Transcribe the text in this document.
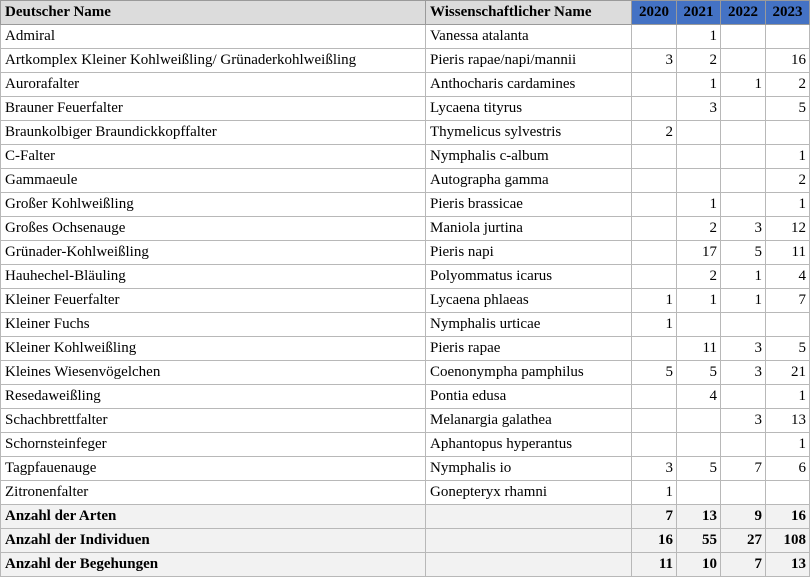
Deutscher Name	Wissenschaftlicher Name	2020	2021	2022	2023
Admiral	Vanessa atalanta		1		
Artkomplex Kleiner Kohlweißling/ Grünaderkohlweißling	Pieris rapae/napi/mannii	3	2		16
Aurorafalter	Anthocharis cardamines		1	1	2
Brauner Feuerfalter	Lycaena tityrus		3		5
Braunkolbiger Braundickkopffalter	Thymelicus sylvestris	2			
C-Falter	Nymphalis c-album				1
Gammaeule	Autographa gamma				2
Großer Kohlweißling	Pieris brassicae		1		1
Großes Ochsenauge	Maniola jurtina		2	3	12
Grünader-Kohlweißling	Pieris napi		17	5	11
Hauhechel-Bläuling	Polyommatus icarus		2	1	4
Kleiner Feuerfalter	Lycaena phlaeas	1	1	1	7
Kleiner Fuchs	Nymphalis urticae	1			
Kleiner Kohlweißling	Pieris rapae		11	3	5
Kleines Wiesenvögelchen	Coenonympha pamphilus	5	5	3	21
Resedaweißling	Pontia edusa		4		1
Schachbrettfalter	Melanargia galathea			3	13
Schornsteinfeger	Aphantopus hyperantus				1
Tagpfauenauge	Nymphalis io	3	5	7	6
Zitronenfalter	Gonepteryx rhamni	1			
Anzahl der Arten		7	13	9	16
Anzahl der Individuen		16	55	27	108
Anzahl der Begehungen		11	10	7	13
